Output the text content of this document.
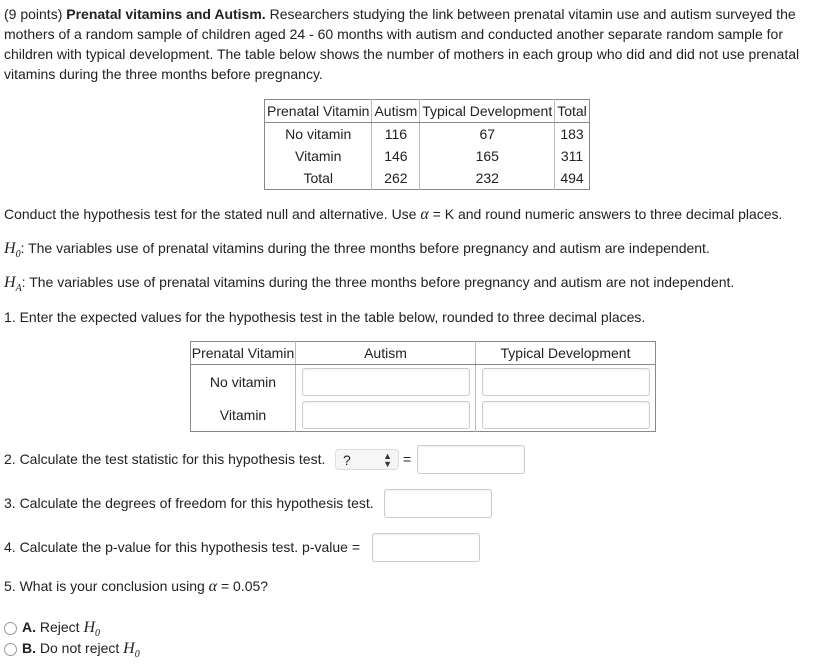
(9 points) Prenatal vitamins and Autism. Researchers studying the link between prenatal vitamin use and autism surveyed the mothers of a random sample of children aged 24 - 60 months with autism and conducted another separate random sample for children with typical development. The table below shows the number of mothers in each group who did and did not use prenatal vitamins during the three months before pregnancy.
Prenatal Vitamin	Autism	Typical Development	Total
No vitamin	116	67	183
Vitamin	146	165	311
Total	262	232	494
Conduct the hypothesis test for the stated null and alternative. Use α = K and round numeric answers to three decimal places.
$H_0$: The variables use of prenatal vitamins during the three months before pregnancy and autism are independent.
$H_A$: The variables use of prenatal vitamins during the three months before pregnancy and autism are not independent.
1. Enter the expected values for the hypothesis test in the table below, rounded to three decimal places.
Prenatal Vitamin	Autism	Typical Development
No vitamin	

Vitamin	

2. Calculate the test statistic for this hypothesis test. ?	▲
▼ =
3. Calculate the degrees of freedom for this hypothesis test.
4. Calculate the p-value for this hypothesis test. p-value =
5. What is your conclusion using α = 0.05?
A. Reject $H_0$
B. Do not reject $H_0$
